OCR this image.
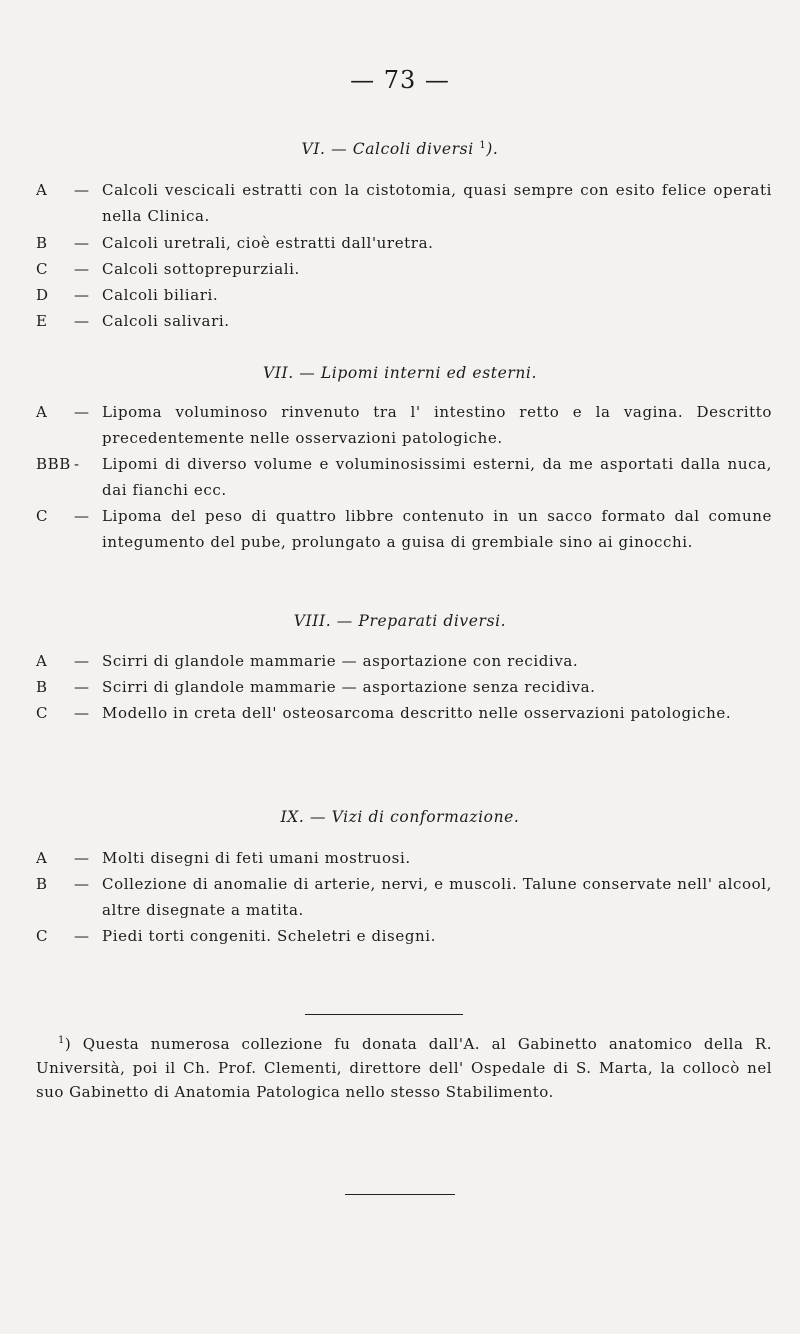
— 73 —
VI. — Calcoli diversi $^1$).
A	— Calcoli vescicali estratti con la cistotomia, quasi sempre con esito felice operati nella Clinica.
B	— Calcoli uretrali, cioè estratti dall'uretra.
C	— Calcoli sottoprepurziali.
D	— Calcoli biliari.
E	— Calcoli salivari.
VII. — Lipomi interni ed esterni.
A	— Lipoma voluminoso rinvenuto tra l' intestino retto e la vagina. Descritto precedentemente nelle osservazioni patologiche.
BBB - Lipomi di diverso volume e voluminosissimi esterni, da me asportati dalla nuca, dai fianchi ecc.
C	— Lipoma del peso di quattro libbre contenuto in un sacco formato dal comune integumento del pube, prolungato a guisa di grembiale sino ai ginocchi.
VIII. — Preparati diversi.
A	— Scirri di glandole mammarie — asportazione con recidiva.
B	— Scirri di glandole mammarie — asportazione senza recidiva.
C	— Modello in creta dell' osteosarcoma descritto nelle osservazioni patologiche.
IX. — Vizi di conformazione.
A	— Molti disegni di feti umani mostruosi.
B	— Collezione di anomalie di arterie, nervi, e muscoli. Talune conservate nell' alcool, altre disegnate a matita.
C	— Piedi torti congeniti. Scheletri e disegni.
$^1$) Questa numerosa collezione fu donata dall'A. al Gabinetto anatomico della R. Università, poi il Ch. Prof. Clementi, direttore dell' Ospedale di S. Marta, la collocò nel suo Gabinetto di Anatomia Patologica nello stesso Stabilimento.
